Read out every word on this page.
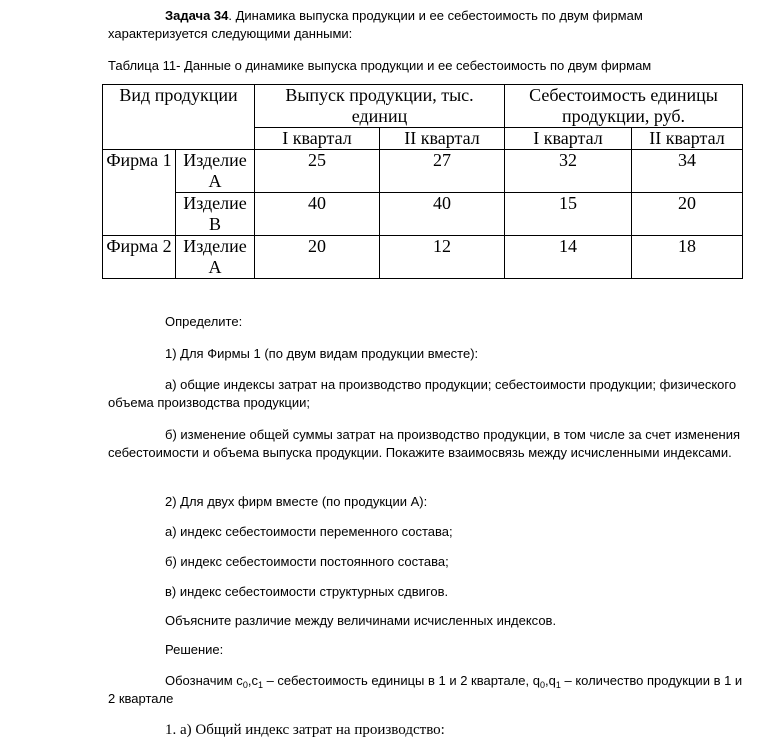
Задача 34. Динамика выпуска продукции и ее себестоимость по двум фирмам
характеризуется следующими данными:
Таблица 11- Данные о динамике выпуска продукции и ее себестоимость по двум фирмам
Вид продукции		Выпуск продукции, тыс. единиц		Себестоимость единицы продукции, руб.	
		I квартал	II квартал	I квартал	II квартал
Фирма 1	Изделие А	25	27	32	34
	Изделие В	40	40	15	20
Фирма 2	Изделие А	20	12	14	18
Определите:
1) Для Фирмы 1 (по двум видам продукции вместе):
а) общие индексы затрат на производство продукции; себестоимости продукции; физического объема производства продукции;
б) изменение общей суммы затрат на производство продукции, в том числе за счет изменения себестоимости и объема выпуска продукции. Покажите взаимосвязь между исчисленными индексами.
2) Для двух фирм вместе (по продукции А):
а) индекс себестоимости переменного состава;
б) индекс себестоимости постоянного состава;
в) индекс себестоимости структурных сдвигов.
Объясните различие между величинами исчисленных индексов.
Решение:
Обозначим $c_0,c_1$ – себестоимость единицы в 1 и 2 квартале, $q_0,q_1$ – количество продукции в 1 и 2 квартале
1. а) Общий индекс затрат на производство:
